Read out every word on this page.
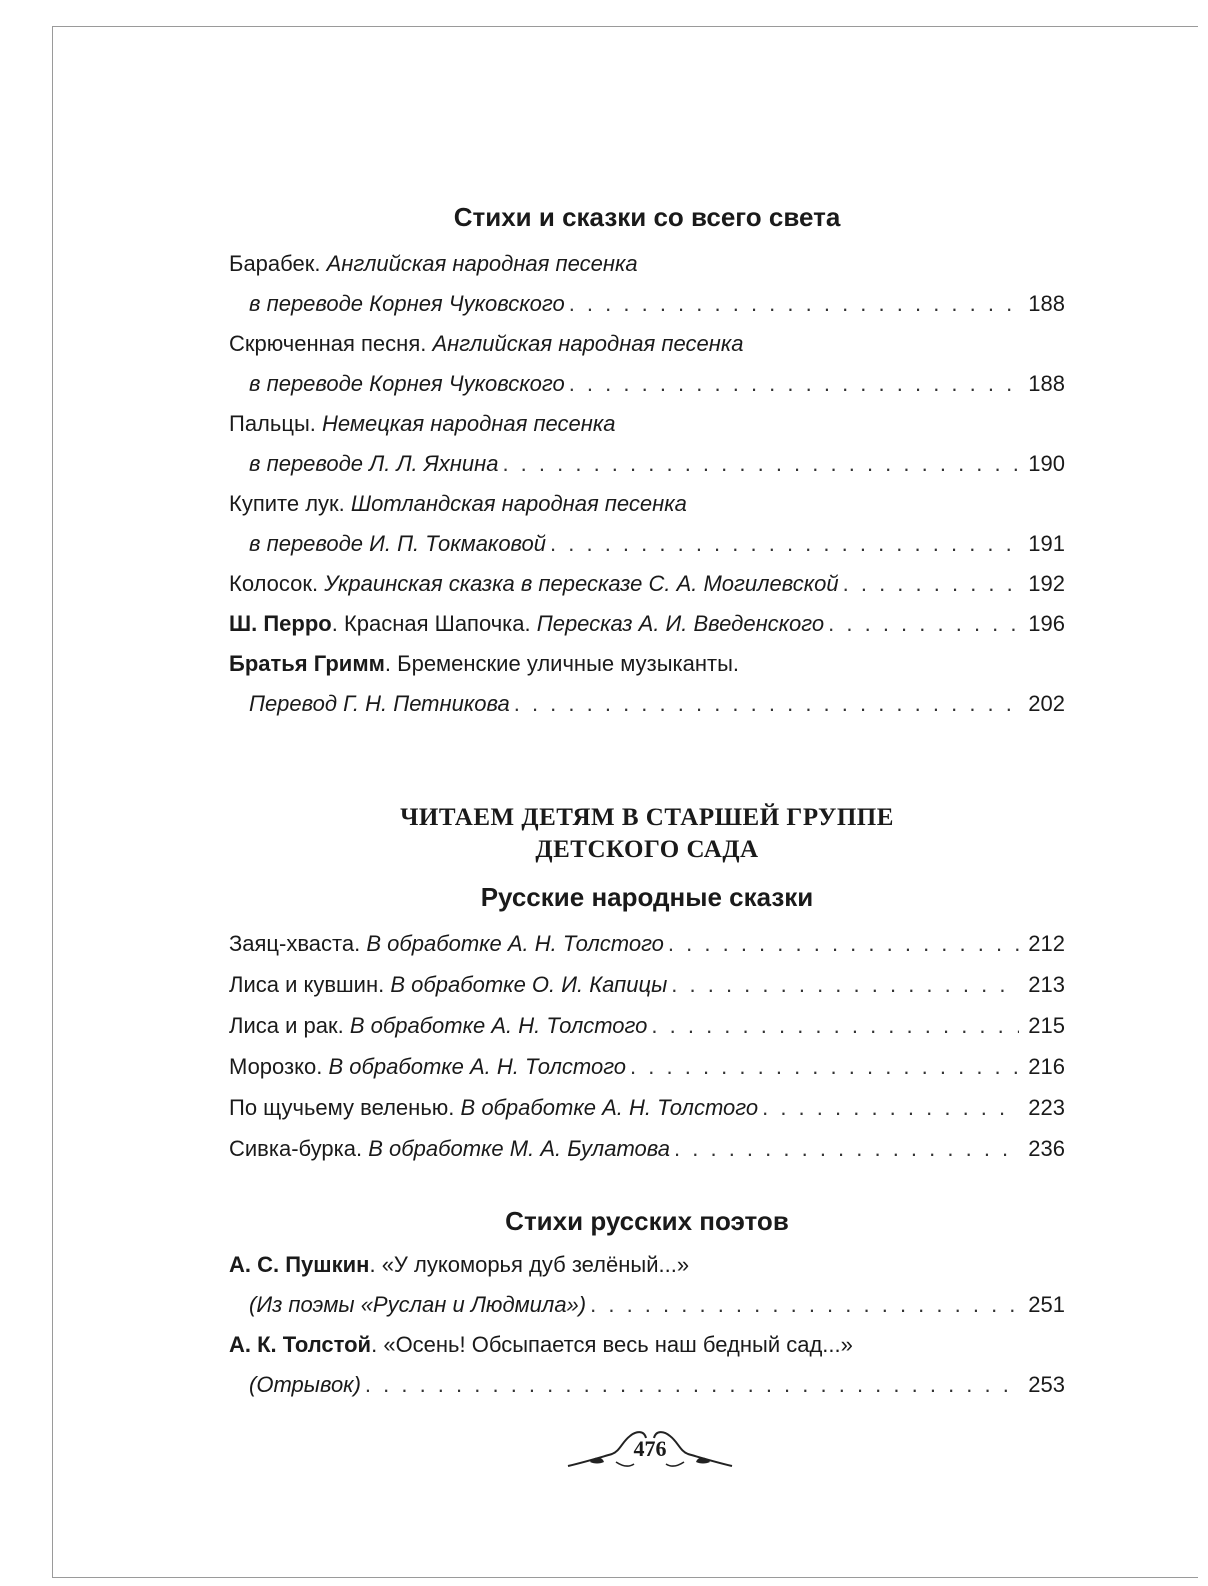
Стихи и сказки со всего света
Барабек.
Английская народная песенка
в переводе Корнея Чуковского . . .	188
Скрюченная песня.
Английская народная песенка
в переводе Корнея Чуковского . . .	188
Пальцы.
Немецкая народная песенка
в переводе Л. Л. Яхнина . . .	190
Купите лук.
Шотландская народная песенка
в переводе И. П. Токмаковой . . .	191
Колосок.
Украинская сказка в пересказе С. А. Могилевской . . .	192
Ш. Перро .
Красная Шапочка.
Пересказ А. И. Введенского . . .	196
Братья Гримм .
Бременские уличные музыканты.
Перевод Г. Н. Петникова . . .	202
ЧИТАЕМ ДЕТЯМ В СТАРШЕЙ ГРУППЕ
ДЕТСКОГО САДА
Русские народные сказки
Заяц-хваста.
В обработке А. Н. Толстого . . .	212
Лиса и кувшин.
В обработке О. И. Капицы . . .	213
Лиса и рак.
В обработке А. Н. Толстого . . .	215
Морозко.
В обработке А. Н. Толстого . . .	216
По щучьему веленью.
В обработке А. Н. Толстого . . .	223
Сивка-бурка.
В обработке М. А. Булатова . . .	236
Стихи русских поэтов
А. С. Пушкин .
«У лукоморья дуб зелёный...»
(Из поэмы «Руслан и Людмила») . . .	251
А. К. Толстой .
«Осень! Обсыпается весь наш бедный сад...»
(Отрывок) . . .	253
476
